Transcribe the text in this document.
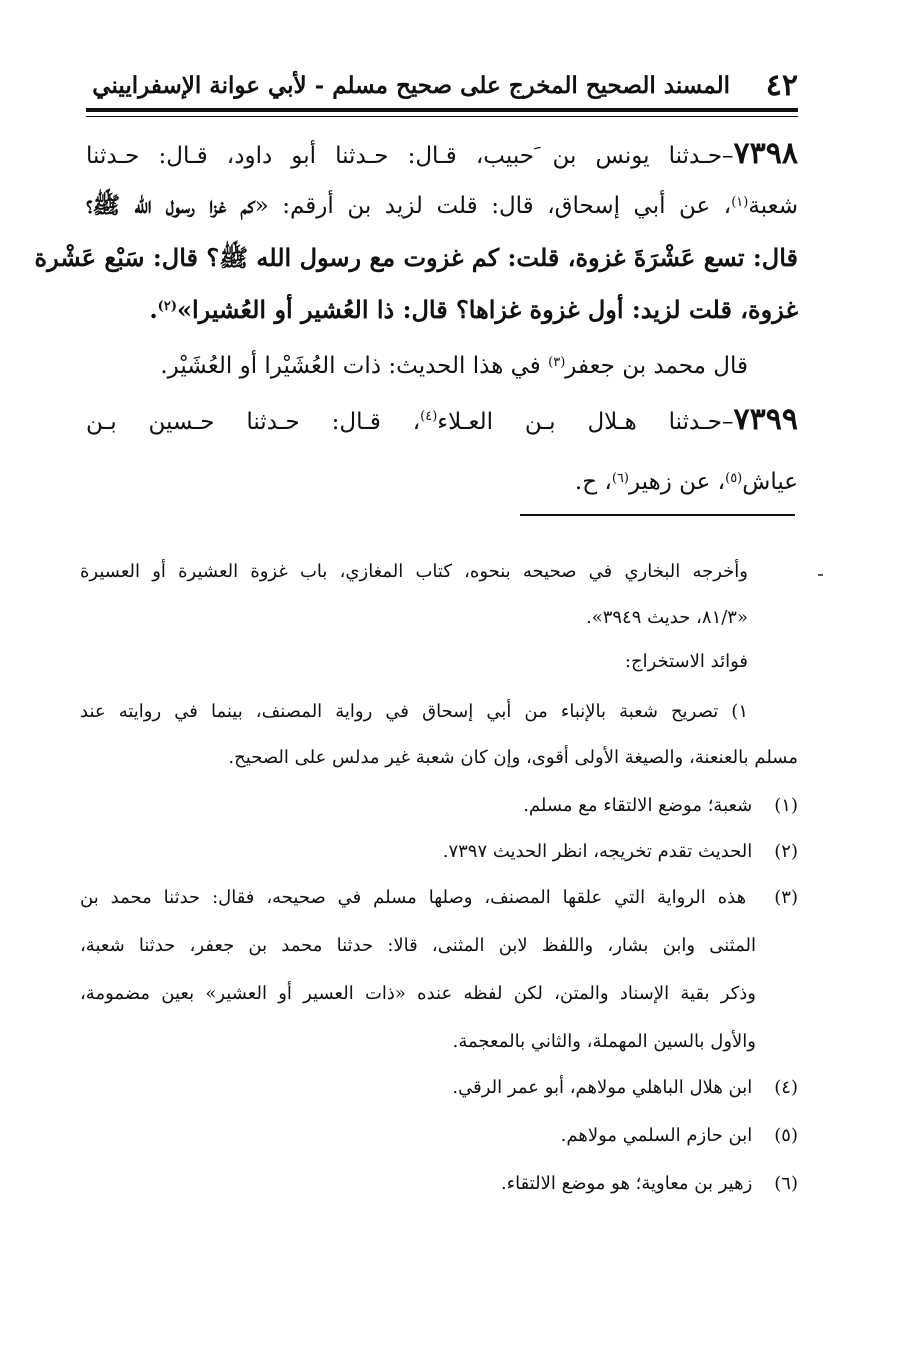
٤٢
المسند الصحيح المخرج على صحيح مسلم - لأبي عوانة الإسفراييني
٧٣٩٨–حـدثنا يونس بن َحبيب، قـال: حـدثنا أبو داود، قـال: حـدثنا
شعبة$^{(١)}$، عن أبي إسحاق، قال: قلت لزيد بن أرقم: «كم غزا رسول الله ﷺ؟
قال: تسع عَشْرَةَ غزوة، قلت: كم غزوت مع رسول الله ﷺ؟ قال: سَبْع عَشْرة
غزوة، قلت لزيد: أول غزوة غزاها؟ قال: ذا العُشير أو العُشيرا»$^{(٢)}$.
قال محمد بن جعفر$^{(٣)}$ في هذا الحديث: ذات العُشَيْرا أو العُشَيْر.
٧٣٩٩–حـدثنا هـلال بـن العـلاء$^{(٤)}$، قـال: حـدثنا حـسين بـن
عياش$^{(٥)}$، عن زهير$^{(٦)}$، ح.
وأخرجه البخاري في صحيحه بنحوه، كتاب المغازي، باب غزوة العشيرة أو العسيرة
«٨١/٣، حديث ٣٩٤٩».
فوائد الاستخراج:
١) تصريح شعبة بالإنباء من أبي إسحاق في رواية المصنف، بينما في روايته عند
مسلم بالعنعنة، والصيغة الأولى أقوى، وإن كان شعبة غير مدلس على الصحيح.
(١) شعبة؛ موضع الالتقاء مع مسلم.
(٢) الحديث تقدم تخريجه، انظر الحديث ٧٣٩٧.
(٣) هذه الرواية التي علقها المصنف، وصلها مسلم في صحيحه، فقال: حدثنا محمد بن
المثنى وابن بشار، واللفظ لابن المثنى، قالا: حدثنا محمد بن جعفر، حدثنا شعبة،
وذكر بقية الإسناد والمتن، لكن لفظه عنده «ذات العسير أو العشير» بعين مضمومة،
والأول بالسين المهملة، والثاني بالمعجمة.
(٤) ابن هلال الباهلي مولاهم، أبو عمر الرقي.
(٥) ابن حازم السلمي مولاهم.
(٦) زهير بن معاوية؛ هو موضع الالتقاء.
